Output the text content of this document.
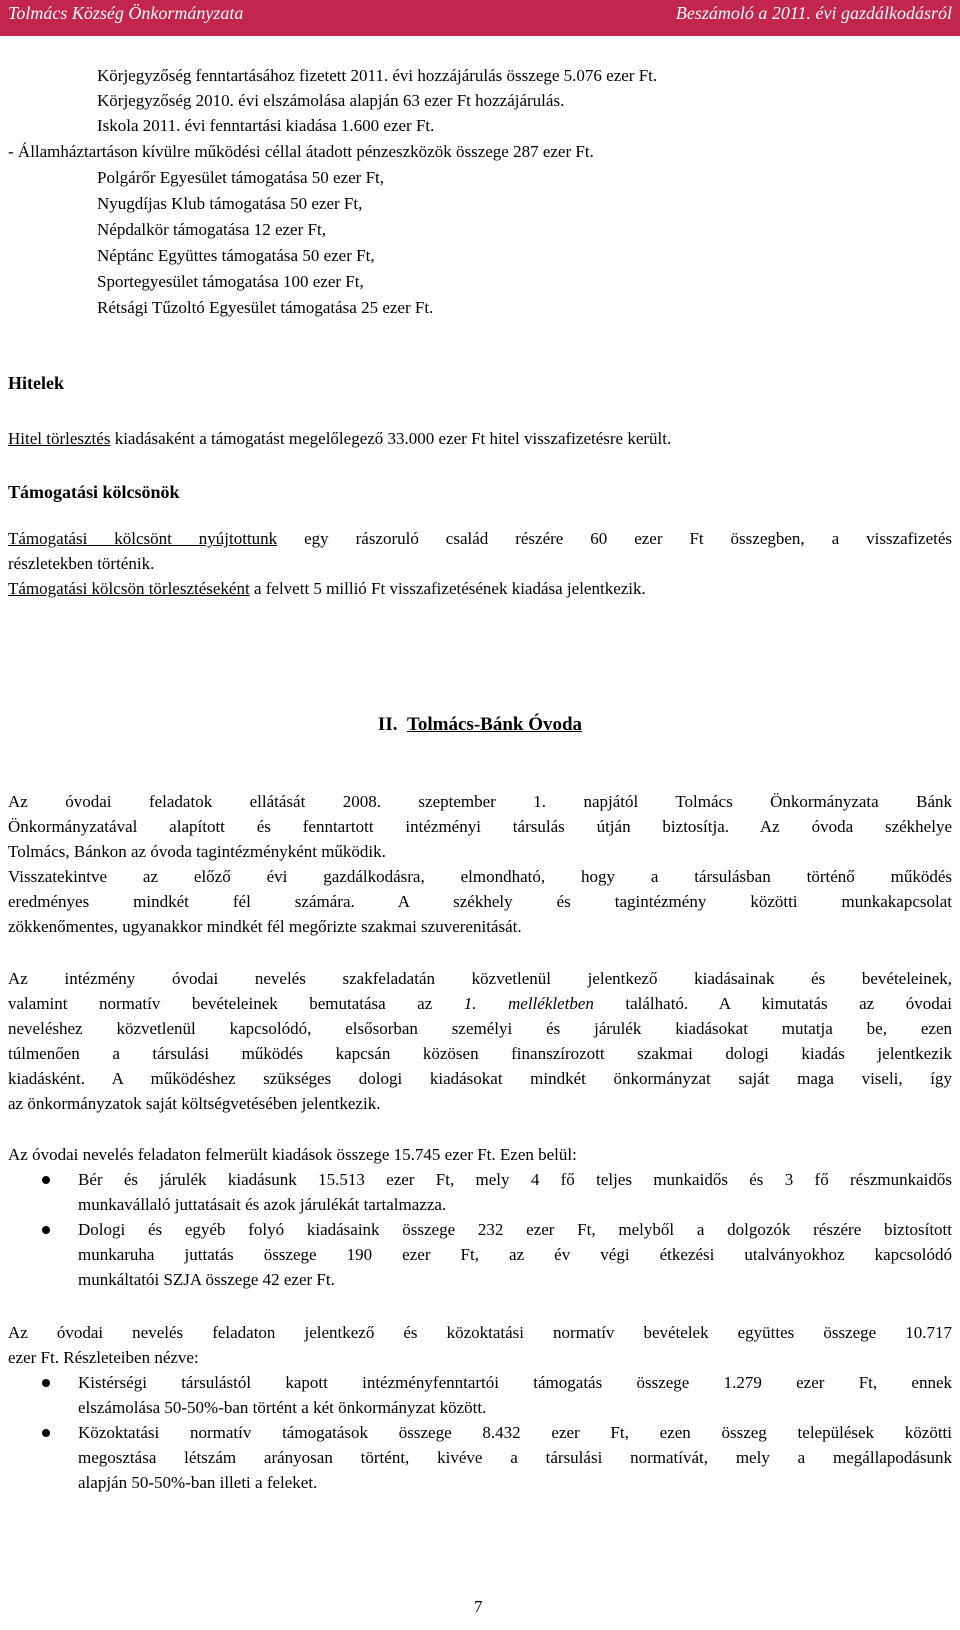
Tolmács Község Önkormányzata	Beszámoló a 2011. évi gazdálkodásról
Körjegyzőség fenntartásához fizetett 2011. évi hozzájárulás összege 5.076 ezer Ft.
Körjegyzőség 2010. évi elszámolása alapján 63 ezer Ft hozzájárulás.
Iskola 2011. évi fenntartási kiadása 1.600 ezer Ft.
- Államháztartáson kívülre működési céllal átadott pénzeszközök összege 287 ezer Ft.
Polgárőr Egyesület támogatása 50 ezer Ft,
Nyugdíjas Klub támogatása 50 ezer Ft,
Népdalkör támogatása 12 ezer Ft,
Néptánc Együttes támogatása 50 ezer Ft,
Sportegyesület támogatása 100 ezer Ft,
Rétsági Tűzoltó Egyesület támogatása 25 ezer Ft.
Hitelek
Hitel törlesztés kiadásaként a támogatást megelőlegező 33.000 ezer Ft hitel visszafizetésre került.
Támogatási kölcsönök
Támogatási kölcsönt nyújtottunk egy rászoruló család részére 60 ezer Ft összegben, a visszafizetés
részletekben történik.
Támogatási kölcsön törlesztéseként a felvett 5 millió Ft visszafizetésének kiadása jelentkezik.
II. Tolmács-Bánk Óvoda
Az óvodai feladatok ellátását 2008. szeptember 1. napjától Tolmács Önkormányzata Bánk
Önkormányzatával alapított és fenntartott intézményi társulás útján biztosítja. Az óvoda székhelye
Tolmács, Bánkon az óvoda tagintézményként működik.
Visszatekintve az előző évi gazdálkodásra, elmondható, hogy a társulásban történő működés
eredményes mindkét fél számára. A székhely és tagintézmény közötti munkakapcsolat
zökkenőmentes, ugyanakkor mindkét fél megőrizte szakmai szuverenitását.
Az intézmény óvodai nevelés szakfeladatán közvetlenül jelentkező kiadásainak és bevételeinek,
valamint normatív bevételeinek bemutatása az 1. mellékletben található. A kimutatás az óvodai
neveléshez közvetlenül kapcsolódó, elsősorban személyi és járulék kiadásokat mutatja be, ezen
túlmenően a társulási működés kapcsán közösen finanszírozott szakmai dologi kiadás jelentkezik
kiadásként. A működéshez szükséges dologi kiadásokat mindkét önkormányzat saját maga viseli, így
az önkormányzatok saját költségvetésében jelentkezik.
Az óvodai nevelés feladaton felmerült kiadások összege 15.745 ezer Ft. Ezen belül:
Bér és járulék kiadásunk 15.513 ezer Ft, mely 4 fő teljes munkaidős és 3 fő részmunkaidős
munkavállaló juttatásait és azok járulékát tartalmazza.
Dologi és egyéb folyó kiadásaink összege 232 ezer Ft, melyből a dolgozók részére biztosított
munkaruha juttatás összege 190 ezer Ft, az év végi étkezési utalványokhoz kapcsolódó
munkáltatói SZJA összege 42 ezer Ft.
Az óvodai nevelés feladaton jelentkező és közoktatási normatív bevételek együttes összege 10.717
ezer Ft. Részleteiben nézve:
Kistérségi társulástól kapott intézményfenntartói támogatás összege 1.279 ezer Ft, ennek
elszámolása 50-50%-ban történt a két önkormányzat között.
Közoktatási normatív támogatások összege 8.432 ezer Ft, ezen összeg települések közötti
megosztása létszám arányosan történt, kivéve a társulási normatívát, mely a megállapodásunk
alapján 50-50%-ban illeti a feleket.
7
